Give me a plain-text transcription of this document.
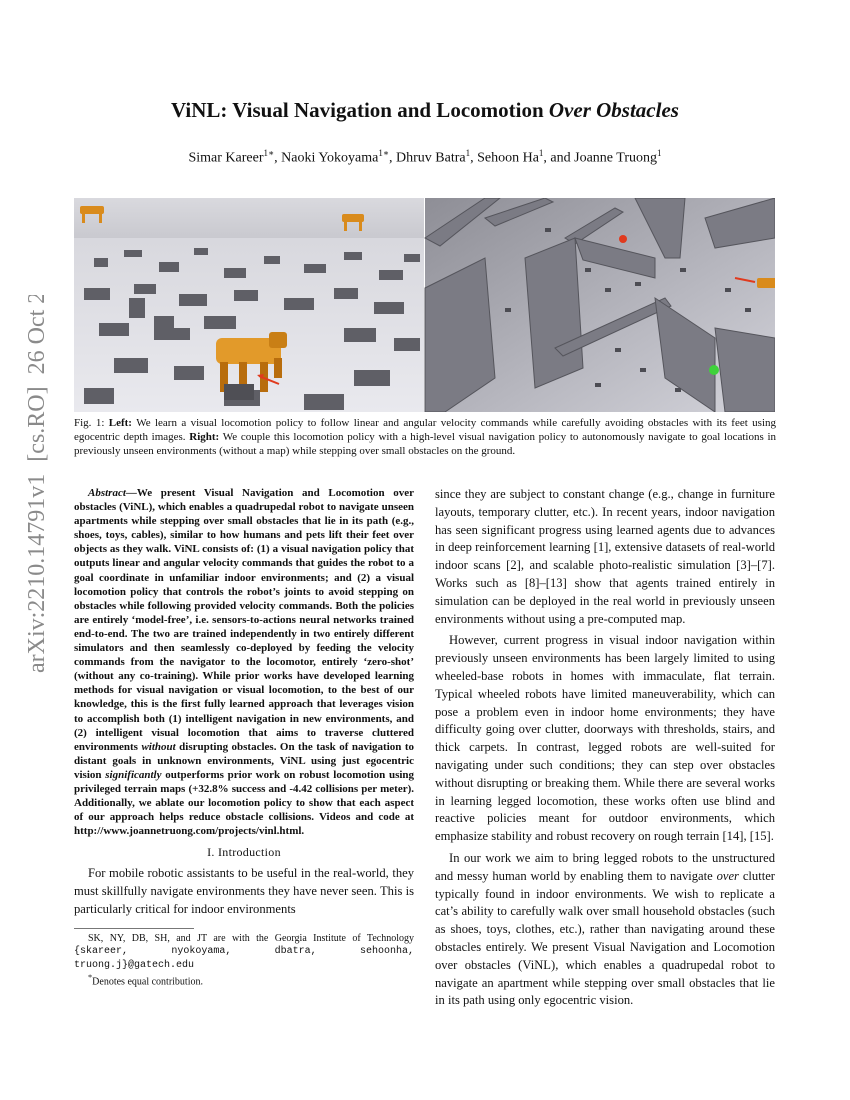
arXiv:2210.14791v1  [cs.RO]  26 Oct 2022
ViNL: Visual Navigation and Locomotion Over Obstacles
Simar Kareer$^{1∗}$, Naoki Yokoyama$^{1∗}$, Dhruv Batra$^1$, Sehoon Ha$^1$, and Joanne Truong$^1$
Fig. 1: Left: We learn a visual locomotion policy to follow linear and angular velocity commands while carefully avoiding obstacles with its feet using egocentric depth images. Right: We couple this locomotion policy with a high-level visual navigation policy to autonomously navigate to goal locations in previously unseen environments (without a map) while stepping over small obstacles on the ground.

Abstract—We present Visual Navigation and Locomotion over obstacles (ViNL), which enables a quadrupedal robot to navigate unseen apartments while stepping over small obstacles that lie in its path (e.g., shoes, toys, cables), similar to how humans and pets lift their feet over objects as they walk. ViNL consists of: (1) a visual navigation policy that outputs linear and angular velocity commands that guides the robot to a goal coordinate in unfamiliar indoor environments; and (2) a visual locomotion policy that controls the robot’s joints to avoid stepping on obstacles while following provided velocity commands. Both the policies are entirely ‘model-free’, i.e. sensors-to-actions neural networks trained end-to-end. The two are trained independently in two entirely different simulators and then seamlessly co-deployed by feeding the velocity commands from the navigator to the locomotor, entirely ‘zero-shot’ (without any co-training). While prior works have developed learning methods for visual navigation or visual locomotion, to the best of our knowledge, this is the first fully learned approach that leverages vision to accomplish both (1) intelligent navigation in new environments, and (2) intelligent visual locomotion that aims to traverse cluttered environments without disrupting obstacles. On the task of navigation to distant goals in unknown environments, ViNL using just egocentric vision significantly outperforms prior work on robust locomotion using privileged terrain maps (+32.8% success and -4.42 collisions per meter). Additionally, we ablate our locomotion policy to show that each aspect of our approach helps reduce obstacle collisions. Videos and code at http://www.joannetruong.com/projects/vinl.html.

I. Introduction

For mobile robotic assistants to be useful in the real-world, they must skillfully navigate environments they have never seen. This is particularly critical for indoor environments

SK, NY, DB, SH, and JT are with the Georgia Institute of Technology {skareer, nyokoyama, dbatra, sehoonha, truong.j}@gatech.edu

*Denotes equal contribution.

since they are subject to constant change (e.g., change in furniture layouts, temporary clutter, etc.). In recent years, indoor navigation has seen significant progress using learned agents due to advances in deep reinforcement learning [1], extensive datasets of real-world indoor scans [2], and scalable photo-realistic simulation [3]–[7]. Works such as [8]–[13] show that agents trained entirely in simulation can be deployed in the real world in previously unseen environments without using a pre-computed map.

However, current progress in visual indoor navigation within previously unseen environments has been largely limited to using wheeled-base robots in homes with immaculate, flat terrain. Typical wheeled robots have limited maneuverability, which can pose a problem even in indoor home environments; they have difficulty going over clutter, doorways with thresholds, stairs, and thick carpets. In contrast, legged robots are well-suited for navigating under such conditions; they can step over obstacles without disrupting or breaking them. While there are several works in learning legged locomotion, these works often use blind and reactive policies meant for outdoor environments, which emphasize stability and robust recovery on rough terrain [14], [15].

In our work we aim to bring legged robots to the unstructured and messy human world by enabling them to navigate over clutter typically found in indoor environments. We wish to replicate a cat’s ability to carefully walk over small household obstacles (such as shoes, toys, clothes, etc.), rather than navigating around these obstacles entirely. We present Visual Navigation and Locomotion over obstacles (ViNL), which enables a quadrupedal robot to navigate an apartment while stepping over small obstacles that lie in its path using only egocentric vision.
